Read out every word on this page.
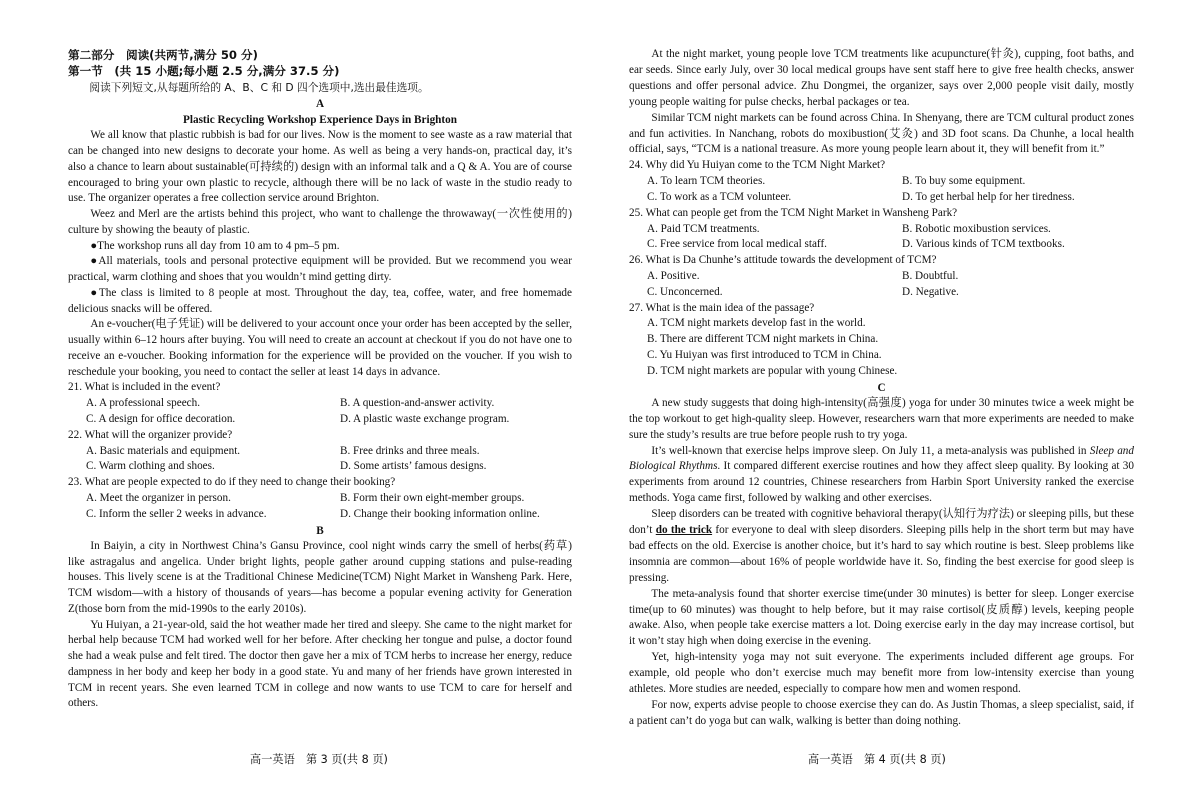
第二部分　阅读(共两节,满分 50 分)
第一节　(共 15 小题;每小题 2.5 分,满分 37.5 分)
阅读下列短文,从每题所给的 A、B、C 和 D 四个选项中,选出最佳选项。
A
Plastic Recycling Workshop Experience Days in Brighton

We all know that plastic rubbish is bad for our lives. Now is the moment to see waste as a raw material that can be changed into new designs to decorate your home. As well as being a very hands-on, practical day, it’s also a chance to learn about sustainable(可持续的) design with an informal talk and a Q & A. You are of course encouraged to bring your own plastic to recycle, although there will be no lack of waste in the studio ready to use. The organizer operates a free collection service around Brighton.

Weez and Merl are the artists behind this project, who want to challenge the throwaway(一次性使用的) culture by showing the beauty of plastic.

●The workshop runs all day from 10 am to 4 pm–5 pm.

●All materials, tools and personal protective equipment will be provided. But we recommend you wear practical, warm clothing and shoes that you wouldn’t mind getting dirty.

●The class is limited to 8 people at most. Throughout the day, tea, coffee, water, and free homemade delicious snacks will be offered.

An e-voucher(电子凭证) will be delivered to your account once your order has been accepted by the seller, usually within 6–12 hours after buying. You will need to create an account at checkout if you do not have one to receive an e-voucher. Booking information for the experience will be provided on the voucher. If you wish to reschedule your booking, you need to contact the seller at least 14 days in advance.

21. What is included in the event?
A. A professional speech.	B. A question-and-answer activity.
C. A design for office decoration.	D. A plastic waste exchange program.
22. What will the organizer provide?
A. Basic materials and equipment.	B. Free drinks and three meals.
C. Warm clothing and shoes.	D. Some artists’ famous designs.
23. What are people expected to do if they need to change their booking?
A. Meet the organizer in person.	B. Form their own eight-member groups.
C. Inform the seller 2 weeks in advance.	D. Change their booking information online.
B

In Baiyin, a city in Northwest China’s Gansu Province, cool night winds carry the smell of herbs(药草) like astragalus and angelica. Under bright lights, people gather around cupping stations and pulse-reading houses. This lively scene is at the Traditional Chinese Medicine(TCM) Night Market in Wansheng Park. Here, TCM wisdom—with a history of thousands of years—has become a popular evening activity for Generation Z(those born from the mid-1990s to the early 2010s).

Yu Huiyan, a 21-year-old, said the hot weather made her tired and sleepy. She came to the night market for herbal help because TCM had worked well for her before. After checking her tongue and pulse, a doctor found she had a weak pulse and felt tired. The doctor then gave her a mix of TCM herbs to increase her energy, reduce dampness in her body and keep her body in a good state. Yu and many of her friends have grown interested in TCM in recent years. She even learned TCM in college and now wants to use TCM to care for herself and others.

At the night market, young people love TCM treatments like acupuncture(针灸), cupping, foot baths, and ear seeds. Since early July, over 30 local medical groups have sent staff here to give free health checks, answer questions and offer personal advice. Zhu Dongmei, the organizer, says over 2,000 people visit daily, mostly young people waiting for pulse checks, herbal packages or tea.

Similar TCM night markets can be found across China. In Shenyang, there are TCM cultural product zones and fun activities. In Nanchang, robots do moxibustion(艾灸) and 3D foot scans. Da Chunhe, a local health official, says, “TCM is a national treasure. As more young people learn about it, they will benefit from it.”

24. Why did Yu Huiyan come to the TCM Night Market?
A. To learn TCM theories.	B. To buy some equipment.
C. To work as a TCM volunteer.	D. To get herbal help for her tiredness.
25. What can people get from the TCM Night Market in Wansheng Park?
A. Paid TCM treatments.	B. Robotic moxibustion services.
C. Free service from local medical staff.	D. Various kinds of TCM textbooks.
26. What is Da Chunhe’s attitude towards the development of TCM?
A. Positive.	B. Doubtful.
C. Unconcerned.	D. Negative.
27. What is the main idea of the passage?
A. TCM night markets develop fast in the world.
B. There are different TCM night markets in China.
C. Yu Huiyan was first introduced to TCM in China.
D. TCM night markets are popular with young Chinese.
C

A new study suggests that doing high-intensity(高强度) yoga for under 30 minutes twice a week might be the top workout to get high-quality sleep. However, researchers warn that more experiments are needed to make sure the study’s results are true before people rush to try yoga.

It’s well-known that exercise helps improve sleep. On July 11, a meta-analysis was published in Sleep and Biological Rhythms. It compared different exercise routines and how they affect sleep quality. By looking at 30 experiments from around 12 countries, Chinese researchers from Harbin Sport University ranked the exercise methods. Yoga came first, followed by walking and other exercises.

Sleep disorders can be treated with cognitive behavioral therapy(认知行为疗法) or sleeping pills, but these don’t do the trick for everyone to deal with sleep disorders. Sleeping pills help in the short term but may have bad effects on the old. Exercise is another choice, but it’s hard to say which routine is best. Sleep problems like insomnia are common—about 16% of people worldwide have it. So, finding the best exercise for good sleep is pressing.

The meta-analysis found that shorter exercise time(under 30 minutes) is better for sleep. Longer exercise time(up to 60 minutes) was thought to help before, but it may raise cortisol(皮质醇) levels, keeping people awake. Also, when people take exercise matters a lot. Doing exercise early in the day may increase cortisol, but it won’t stay high when doing exercise in the evening.

Yet, high-intensity yoga may not suit everyone. The experiments included different age groups. For example, old people who don’t exercise much may benefit more from low-intensity exercise than young athletes. More studies are needed, especially to compare how men and women respond.

For now, experts advise people to choose exercise they can do. As Justin Thomas, a sleep specialist, said, if a patient can’t do yoga but can walk, walking is better than doing nothing.

高一英语　第 3 页(共 8 页)	高一英语　第 4 页(共 8 页)
